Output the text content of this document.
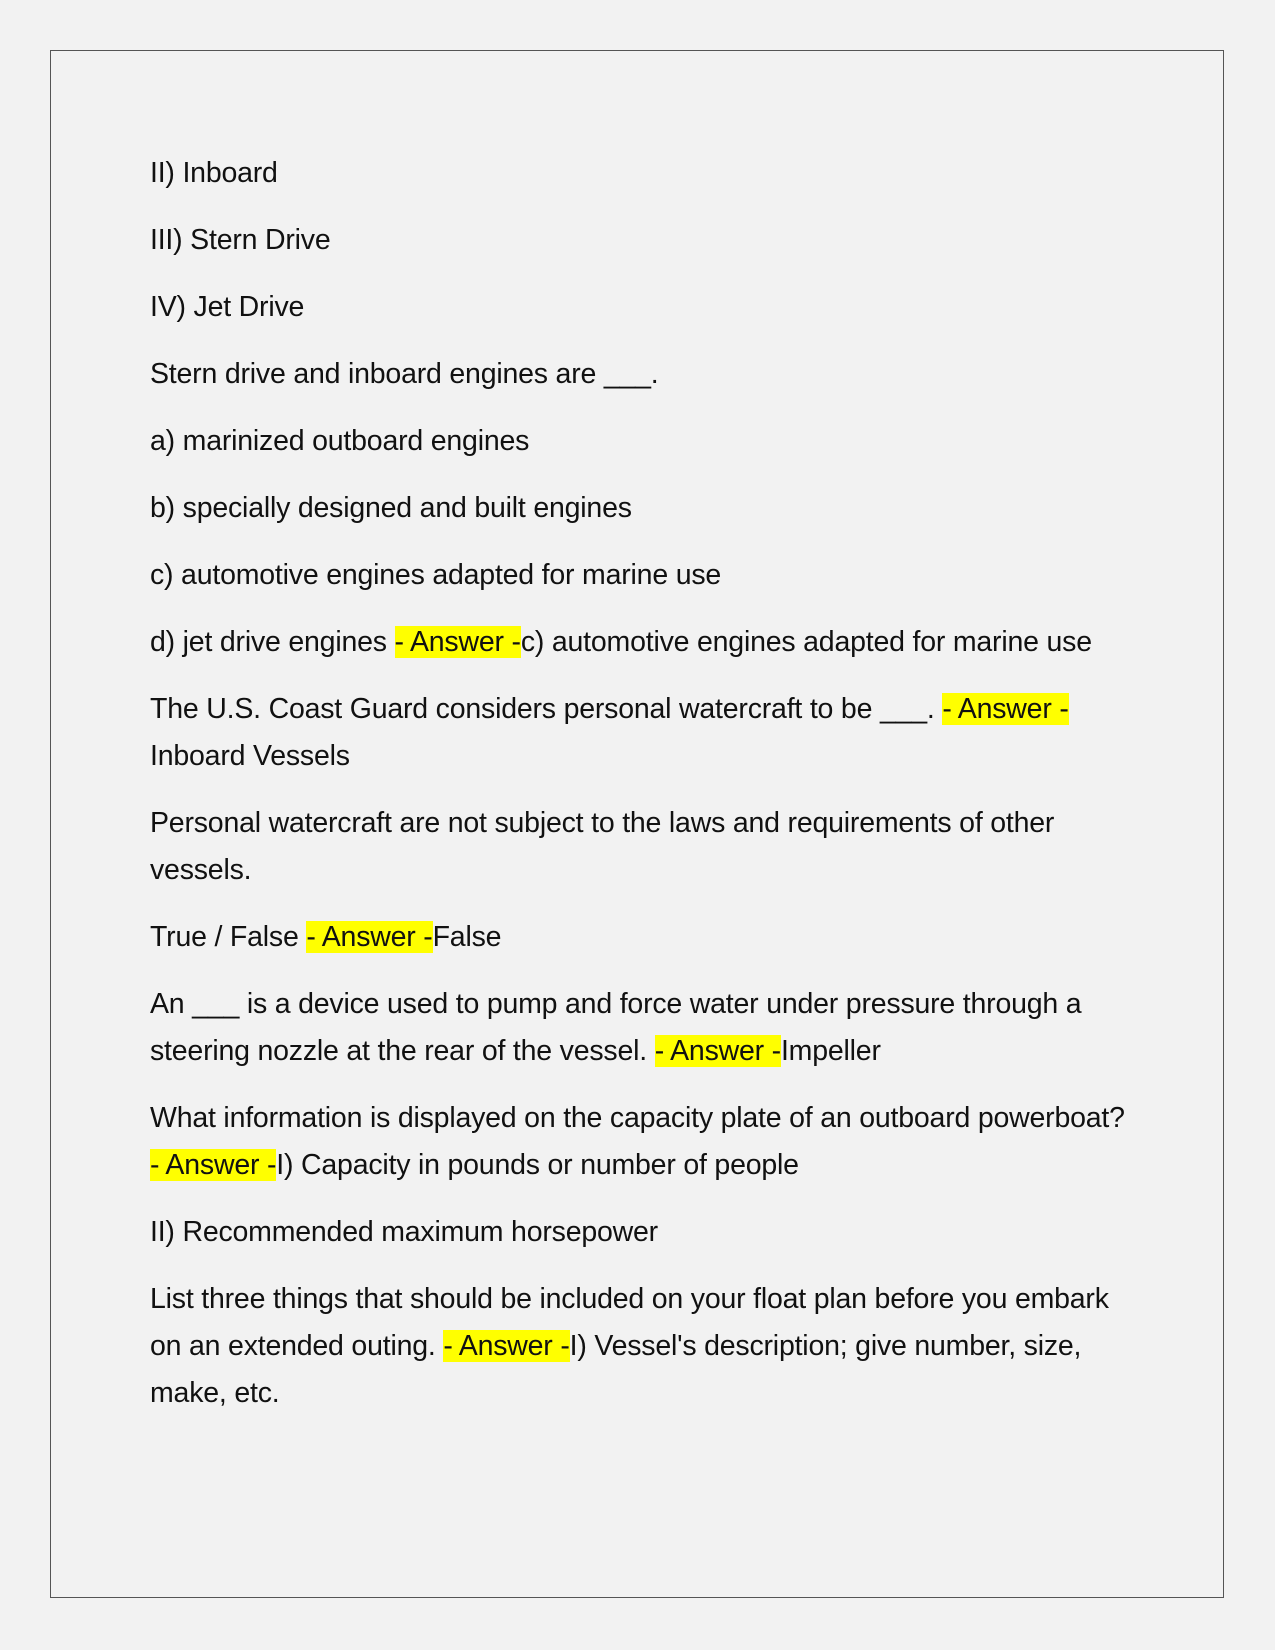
II) Inboard

III) Stern Drive

IV) Jet Drive

Stern drive and inboard engines are ___.

a) marinized outboard engines

b) specially designed and built engines

c) automotive engines adapted for marine use

d) jet drive engines - Answer -c) automotive engines adapted for marine use

The U.S. Coast Guard considers personal watercraft to be ___. - Answer -Inboard Vessels

Personal watercraft are not subject to the laws and requirements of other vessels.

True / False - Answer -False

An ___ is a device used to pump and force water under pressure through a steering nozzle at the rear of the vessel. - Answer -Impeller

What information is displayed on the capacity plate of an outboard powerboat? - Answer -I) Capacity in pounds or number of people

II) Recommended maximum horsepower

List three things that should be included on your float plan before you embark on an extended outing. - Answer -I) Vessel's description; give number, size, make, etc.
